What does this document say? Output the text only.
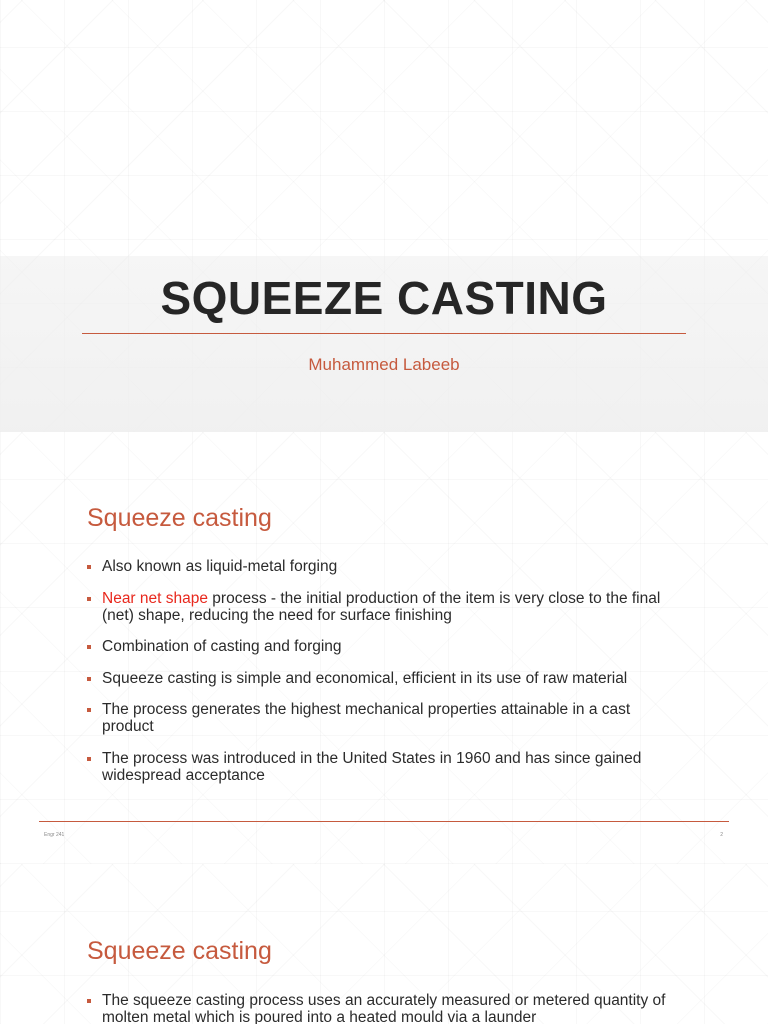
SQUEEZE CASTING
Muhammed Labeeb
Squeeze casting
Also known as liquid-metal forging
Near net shape process - the initial production of the item is very close to the final (net) shape, reducing the need for surface finishing
Combination of casting and forging
Squeeze casting is simple and economical, efficient in its use of raw material
The process generates the highest mechanical properties attainable in a cast product
The process was introduced in the United States in 1960 and has since gained widespread acceptance
Engr 241	2
Squeeze casting
The squeeze casting process uses an accurately measured or metered quantity of molten metal which is poured into a heated mould via a launder
